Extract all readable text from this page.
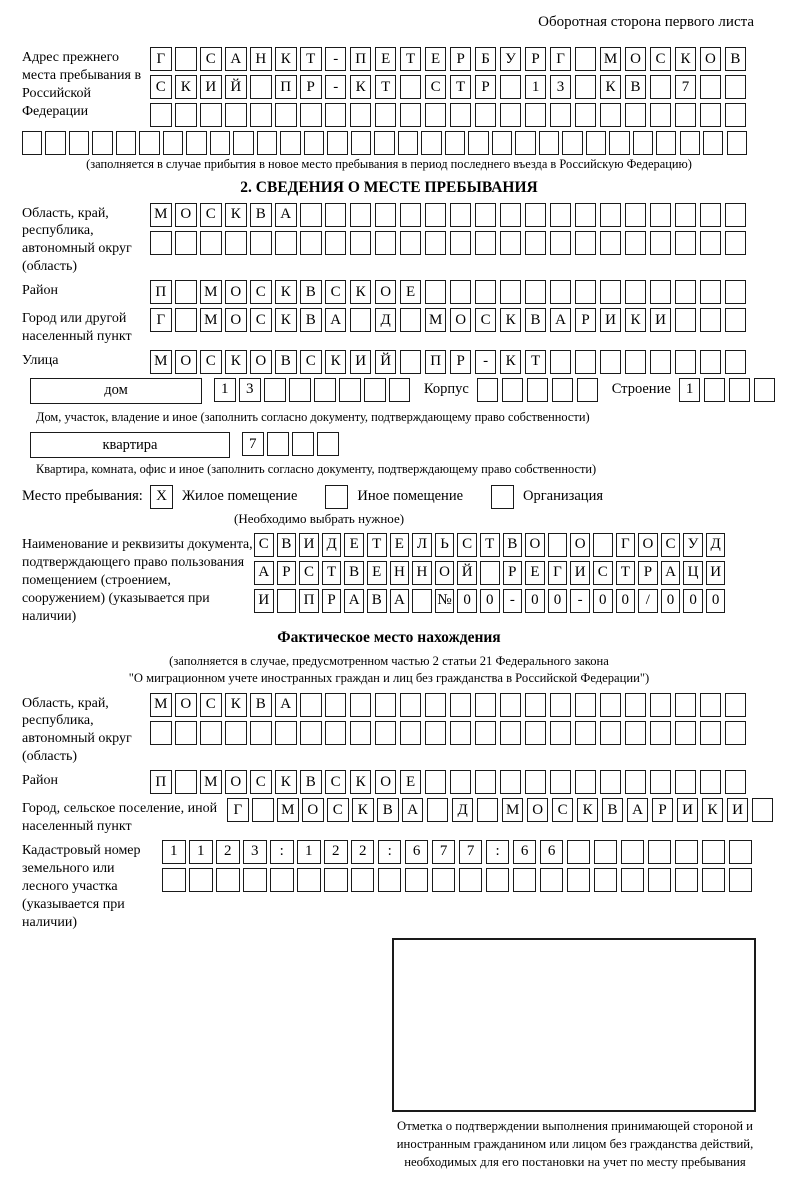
Оборотная сторона первого листа
Адрес прежнего места пребывания в Российской Федерации
Г	С А Н К	Т	-	П Е	Т	Е	Р	Б	У	Р	Г	М О С К О В
С К И Й	П	Р	-	К	Т	С	Т	Р	1	3	К В	7
(заполняется в случае прибытия в новое место пребывания в период последнего въезда в Российскую Федерацию)
2. СВЕДЕНИЯ О МЕСТЕ ПРЕБЫВАНИЯ
Область, край, республика, автономный округ (область)
М О С К В А
Район	П	М О С К В С К О Е
Город или другой населенный пункт
Г	М О С К В А	Д	М О С К В А	Р	И К И
Улица	М О С К О В С К И Й	П	Р	-	К	Т
дом	1	3	Корпус	Строение	1
Дом, участок, владение и иное (заполнить согласно документу, подтверждающему право собственности)
квартира	7
Квартира, комната, офис и иное (заполнить согласно документу, подтверждающему право собственности)
Место пребывания: X	Жилое помещение	Иное помещение	Организация
(Необходимо выбрать нужное)
Наименование и реквизиты документа, подтверждающего право пользования помещением (строением, сооружением) (указывается при наличии)
С В И Д Е Т Е Л Ь С Т В О О	Г О С У Д
А Р С Т В Е Н Н О Й	Р Е Г И С Т Р А Ц И
И П Р А В А № 0	0	-	0	0	-	0	0	/	0	0	0
Фактическое место нахождения
(заполняется в случае, предусмотренном частью 2 статьи 21 Федерального закона
"О миграционном учете иностранных граждан и лиц без гражданства в Российской Федерации")
Область, край, республика, автономный округ (область)
М О С К В А
Район	П	М О С К В С К О Е
Город, сельское поселение, иной населенный пункт
Г	М О С К В А	Д	М О С К В А	Р	И К И
Кадастровый номер земельного или лесного участка (указывается при наличии)
1	1	2	3	:	1	2	2	:	6	7	7	:	6	6
Отметка о подтверждении выполнения принимающей стороной и иностранным гражданином или лицом без гражданства действий, необходимых для его постановки на учет по месту пребывания
